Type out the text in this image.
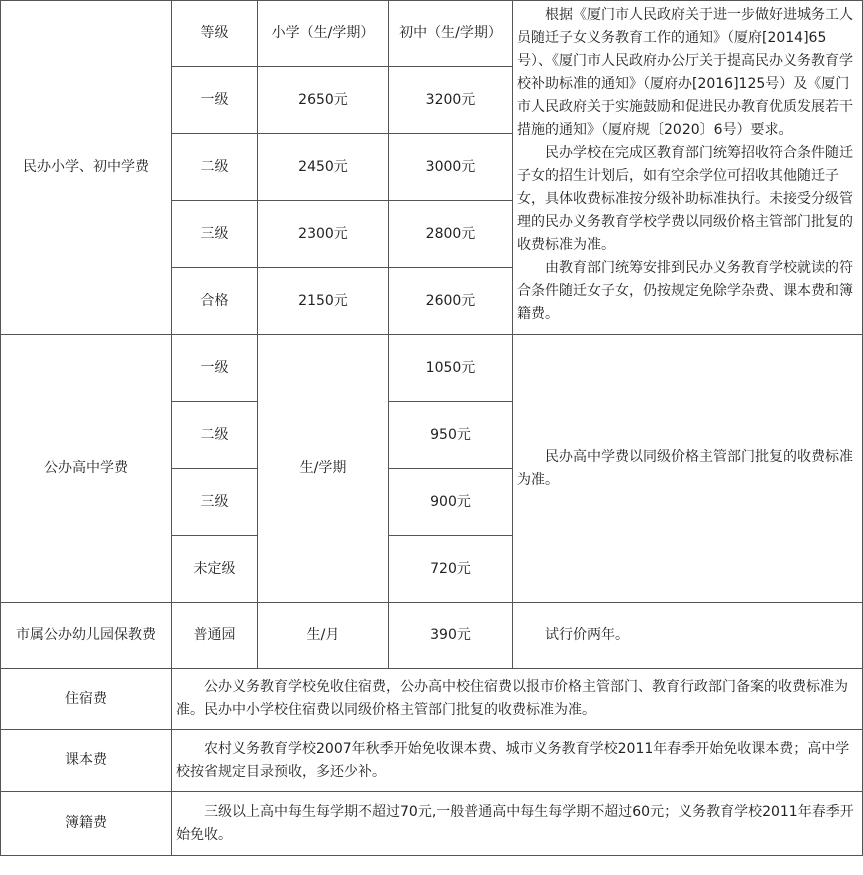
民办小学、初中学费	等级	小学（生/学期）	初中（生/学期）	根据《厦门市人民政府关于进一步做好进城务工人员随迁子女义务教育工作的通知》（厦府[2014]65号）、《厦门市人民政府办公厅关于提高民办义务教育学校补助标准的通知》（厦府办[2016]125号）及《厦门市人民政府关于实施鼓励和促进民办教育优质发展若干措施的通知》（厦府规〔2020〕6号）要求。

民办学校在完成区教育部门统筹招收符合条件随迁子女的招生计划后，如有空余学位可招收其他随迁子女，具体收费标准按分级补助标准执行。未接受分级管理的民办义务教育学校学费以同级价格主管部门批复的收费标准为准。

由教育部门统筹安排到民办义务教育学校就读的符合条件随迁女子女，仍按规定免除学杂费、课本费和簿籍费。

	一级	2650元	3200元	
	二级	2450元	3000元	
	三级	2300元	2800元	
	合格	2150元	2600元	
公办高中学费	一级	生/学期	1050元	民办高中学费以同级价格主管部门批复的收费标准为准。

	二级		950元	
	三级		900元	
	未定级		720元	
市属公办幼儿园保教费	普通园	生/月	390元	试行价两年。

住宿费	公办义务教育学校免收住宿费，公办高中校住宿费以报市价格主管部门、教育行政部门备案的收费标准为准。民办中小学校住宿费以同级价格主管部门批复的收费标准为准。			

课本费	农村义务教育学校2007年秋季开始免收课本费、城市义务教育学校2011年春季开始免收课本费；高中学校按省规定目录预收，多还少补。			

簿籍费	三级以上高中每生每学期不超过70元,一般普通高中每生每学期不超过60元；义务教育学校2011年春季开始免收。			
